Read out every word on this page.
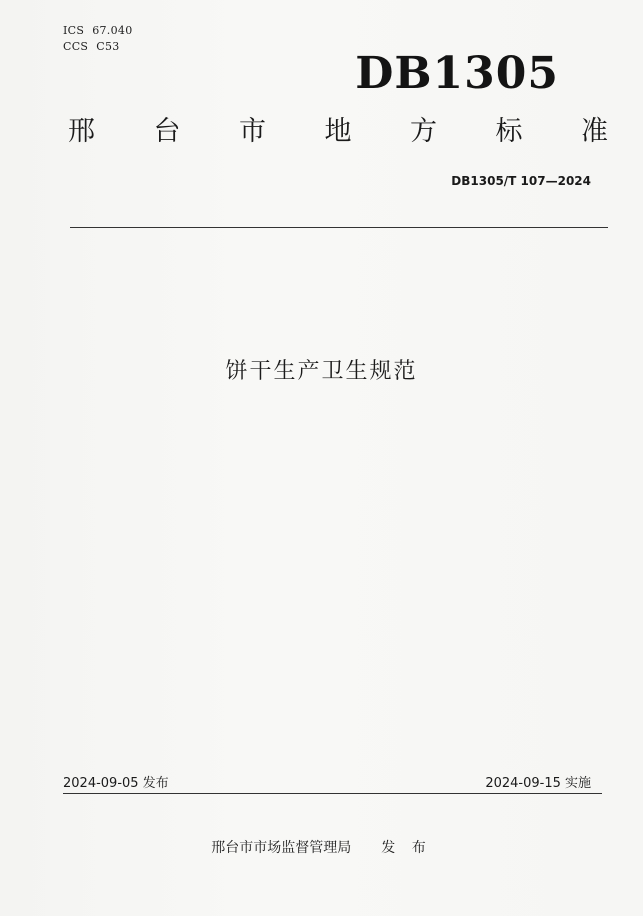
ICS 67.040
CCS C53
DB1305
邢 台 市 地 方 标 准
DB1305/T 107—2024
饼干生产卫生规范
2024-09-05 发布	2024-09-15 实施
邢台市市场监督管理局 发 布
